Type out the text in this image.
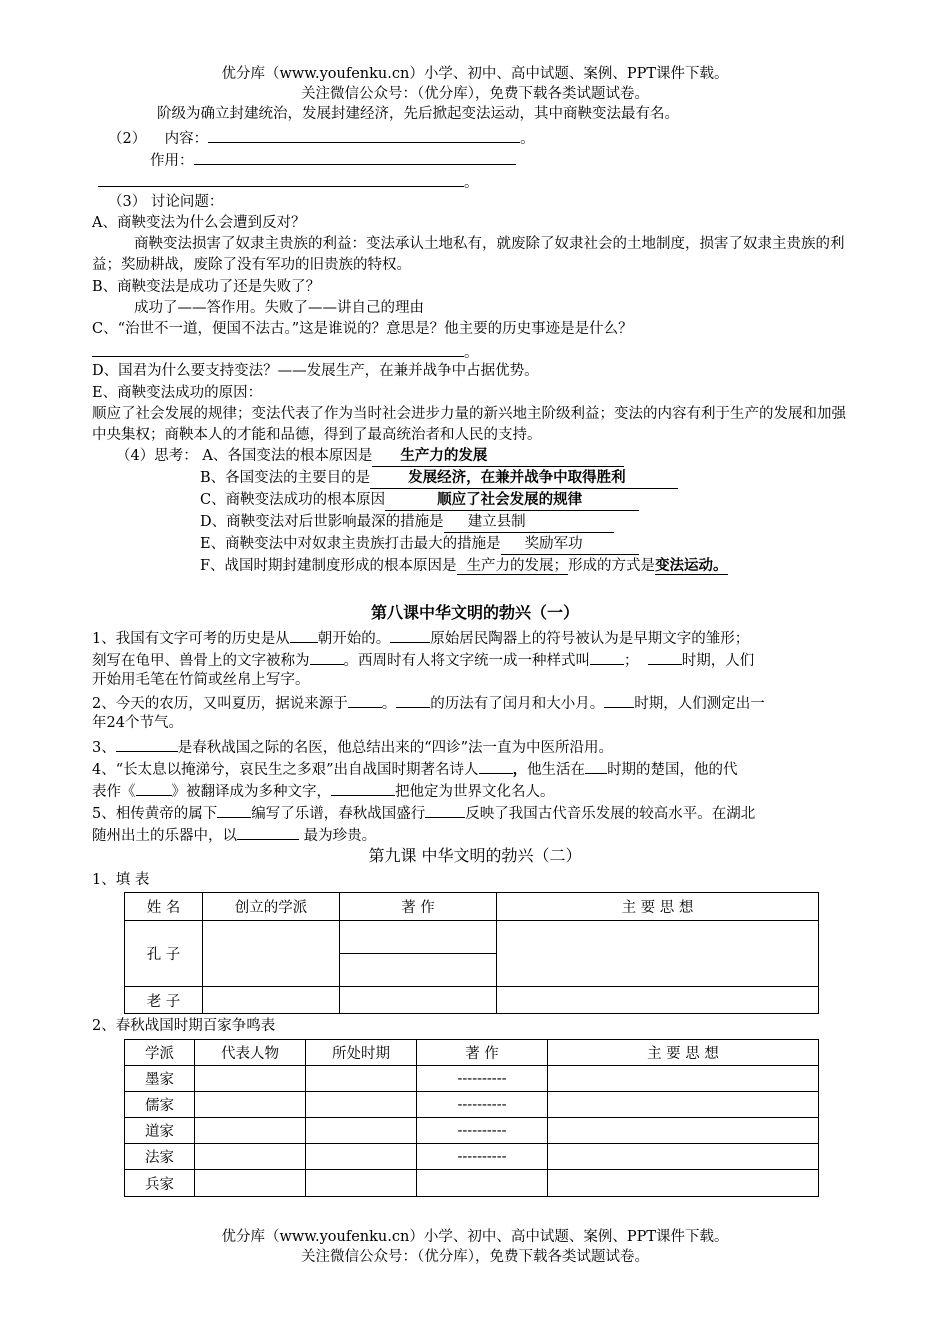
优分库（www.youfenku.cn）小学、初中、高中试题、案例、PPT课件下载。
关注微信公众号：（优分库），免费下载各类试题试卷。
阶级为确立封建统治，发展封建经济，先后掀起变法运动，其中商鞅变法最有名。
（2） 内容：	。
作用：
。
（3） 讨论问题：
A、商鞅变法为什么会遭到反对？
商鞅变法损害了奴隶主贵族的利益：变法承认土地私有，就废除了奴隶社会的土地制度，损害了奴隶主贵族的利益；奖励耕战，废除了没有军功的旧贵族的特权。
B、商鞅变法是成功了还是失败了？
成功了——答作用。失败了——讲自己的理由
C、“治世不一道，便国不法古。”这是谁说的？意思是？他主要的历史事迹是是什么？
。
D、国君为什么要支持变法？——发展生产，在兼并战争中占据优势。
E、商鞅变法成功的原因：
顺应了社会发展的规律；变法代表了作为当时社会进步力量的新兴地主阶级利益；变法的内容有利于生产的发展和加强中央集权；商鞅本人的才能和品德，得到了最高统治者和人民的支持。
（4）思考： A、各国变法的根本原因是 生产力的发展
B、各国变法的主要目的是	发展经济，在兼并战争中取得胜利
C、商鞅变法成功的根本原因	顺应了社会发展的规律
D、商鞅变法对后世影响最深的措施是 建立县制
E、商鞅变法中对奴隶主贵族打击最大的措施是 奖励军功
F、战国时期封建制度形成的根本原因是 生产力的发展；形成的方式是变法运动。
第八课中华文明的勃兴（一）
1、我国有文字可考的历史是从 朝开始的。	原始居民陶器上的符号被认为是早期文字的雏形；
刻写在龟甲、兽骨上的文字被称为 。西周时有人将文字统一成一种样式叫 ；	时期，人们
开始用毛笔在竹简或丝帛上写字。
2、今天的农历，又叫夏历，据说来源于 。 的历法有了闰月和大小月。 时期，人们测定出一
年24个节气。
3、	是春秋战国之际的名医，他总结出来的“四诊”法一直为中医所沿用。
4、“长太息以掩涕兮，哀民生之多艰”出自战国时期著名诗人 ，他生活在 时期的楚国，他的代
表作《 》被翻译成为多种文字，	把他定为世界文化名人。
5、相传黄帝的属下 编写了乐谱，春秋战国盛行	反映了我国古代音乐发展的较高水平。在湖北
随州出土的乐器中，以	最为珍贵。
第九课 中华文明的勃兴（二）
1、填 表
姓 名	创立的学派	著 作	主 要 思 想
孔 子			

老 子			
2、春秋战国时期百家争鸣表
学派	代表人物	所处时期	著 作	主 要 思 想
墨家			----------	
儒家			----------	
道家			----------	
法家			----------	
兵家				
优分库（www.youfenku.cn）小学、初中、高中试题、案例、PPT课件下载。
关注微信公众号：（优分库），免费下载各类试题试卷。
